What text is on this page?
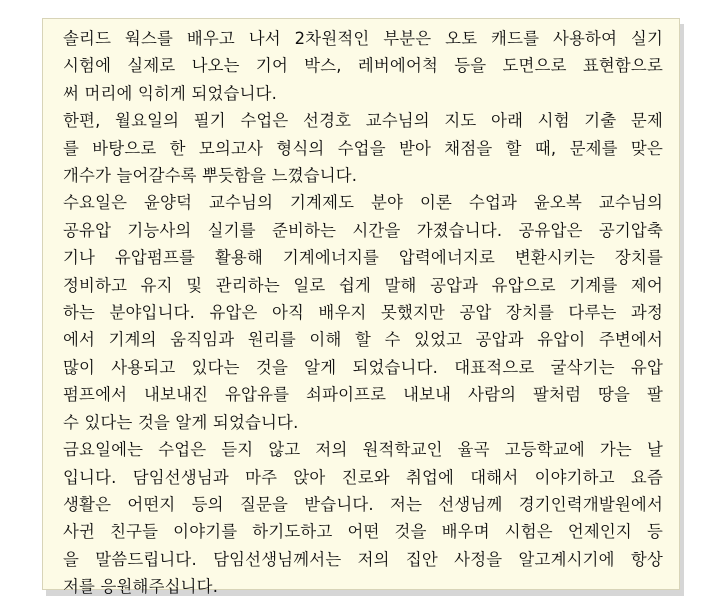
솔리드 웍스를 배우고 나서 2차원적인 부분은 오토 캐드를 사용하여 실기
시험에 실제로 나오는 기어 박스, 레버에어척 등을 도면으로 표현함으로
써 머리에 익히게 되었습니다.
한편, 월요일의 필기 수업은 선경호 교수님의 지도 아래 시험 기출 문제
를 바탕으로 한 모의고사 형식의 수업을 받아 채점을 할 때, 문제를 맞은
개수가 늘어갈수록 뿌듯함을 느꼈습니다.
수요일은 윤양덕 교수님의 기계제도 분야 이론 수업과 윤오복 교수님의
공유압 기능사의 실기를 준비하는 시간을 가졌습니다. 공유압은 공기압축
기나 유압펌프를 활용해 기계에너지를 압력에너지로 변환시키는 장치를
정비하고 유지 및 관리하는 일로 쉽게 말해 공압과 유압으로 기계를 제어
하는 분야입니다. 유압은 아직 배우지 못했지만 공압 장치를 다루는 과정
에서 기계의 움직임과 원리를 이해 할 수 있었고 공압과 유압이 주변에서
많이 사용되고 있다는 것을 알게 되었습니다. 대표적으로 굴삭기는 유압
펌프에서 내보내진 유압유를 쇠파이프로 내보내 사람의 팔처럼 땅을 팔
수 있다는 것을 알게 되었습니다.
금요일에는 수업은 듣지 않고 저의 원적학교인 율곡 고등학교에 가는 날
입니다. 담임선생님과 마주 앉아 진로와 취업에 대해서 이야기하고 요즘
생활은 어떤지 등의 질문을 받습니다. 저는 선생님께 경기인력개발원에서
사귄 친구들 이야기를 하기도하고 어떤 것을 배우며 시험은 언제인지 등
을 말씀드립니다. 담임선생님께서는 저의 집안 사정을 알고계시기에 항상
저를 응원해주십니다.
